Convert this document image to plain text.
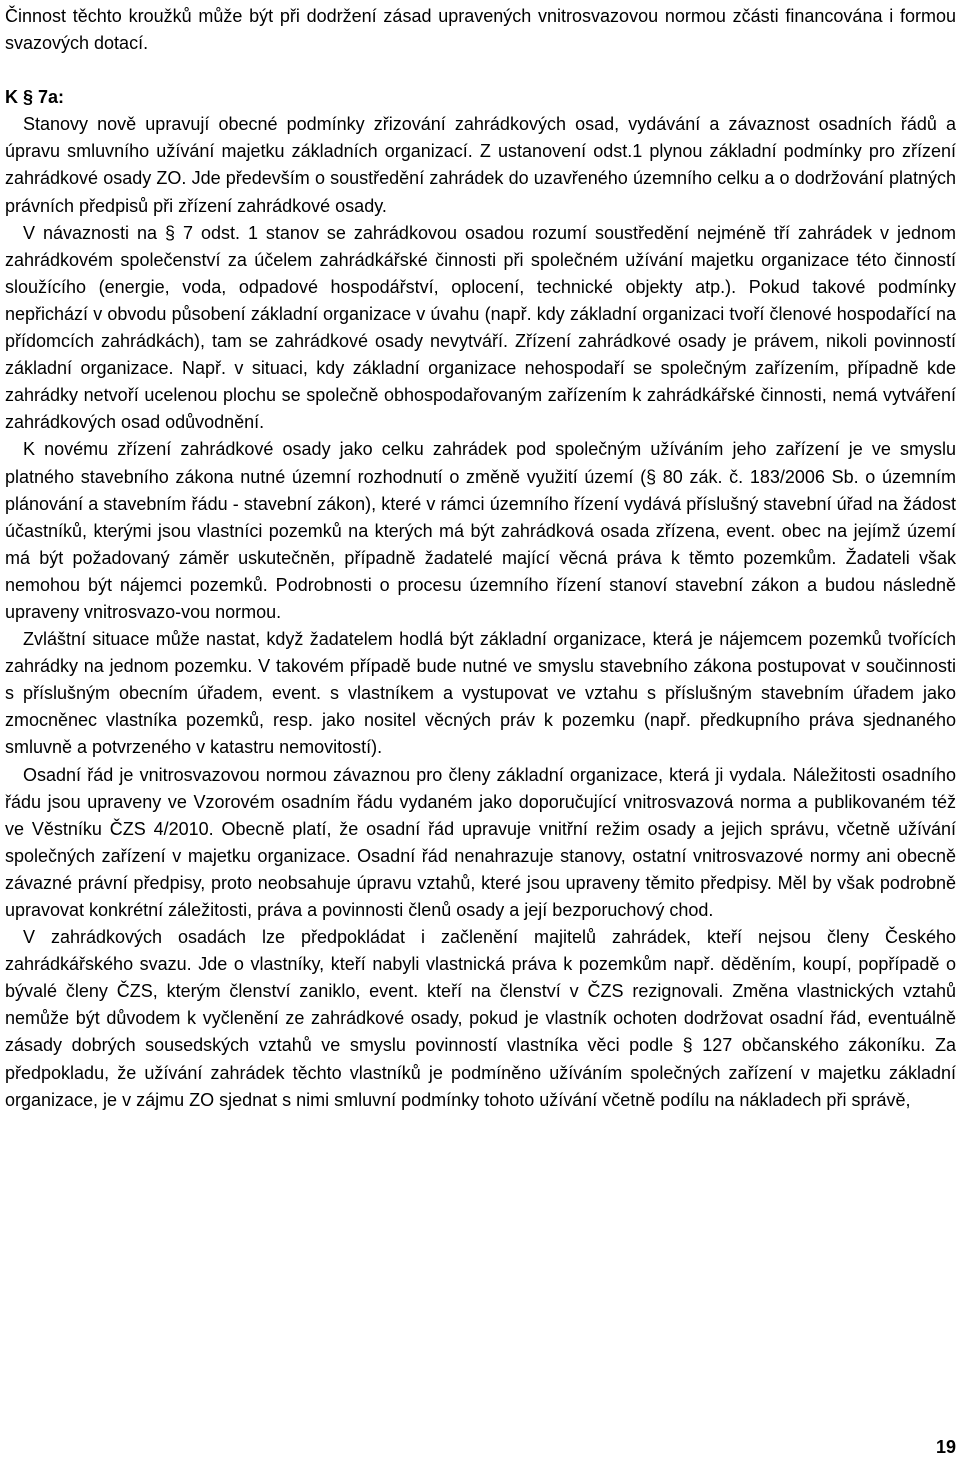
Činnost těchto kroužků může být při dodržení zásad upravených vnitrosvazovou normou zčásti financována i formou svazových dotací.

K § 7a:

Stanovy nově upravují obecné podmínky zřizování zahrádkových osad, vydávání a závaznost osadních řádů a úpravu smluvního užívání majetku základních organizací. Z ustanovení odst.1 plynou základní podmínky pro zřízení zahrádkové osady ZO. Jde především o soustředění zahrádek do uzavřeného územního celku a o dodržování platných právních předpisů při zřízení zahrádkové osady.

V návaznosti na § 7 odst. 1 stanov se zahrádkovou osadou rozumí soustředění nejméně tří zahrádek v jednom zahrádkovém společenství za účelem zahrádkářské činnosti při společném užívání majetku organizace této činností sloužícího (energie, voda, odpadové hospodářství, oplocení, technické objekty atp.). Pokud takové podmínky nepřichází v obvodu působení základní organizace v úvahu (např. kdy základní organizaci tvoří členové hospodařící na přídomcích zahrádkách), tam se zahrádkové osady nevytváří. Zřízení zahrádkové osady je právem, nikoli povinností základní organizace. Např. v situaci, kdy základní organizace nehospodaří se společným zařízením, případně kde zahrádky netvoří ucelenou plochu se společně obhospodařovaným zařízením k zahrádkářské činnosti, nemá vytváření zahrádkových osad odůvodnění.

K novému zřízení zahrádkové osady jako celku zahrádek pod společným užíváním jeho zařízení je ve smyslu platného stavebního zákona nutné územní rozhodnutí o změně využití území (§ 80 zák. č. 183/2006 Sb. o územním plánování a stavebním řádu - stavební zákon), které v rámci územního řízení vydává příslušný stavební úřad na žádost účastníků, kterými jsou vlastníci pozemků na kterých má být zahrádková osada zřízena, event. obec na jejímž území má být požadovaný záměr uskutečněn, případně žadatelé mající věcná práva k těmto pozemkům. Žadateli však nemohou být nájemci pozemků. Podrobnosti o procesu územního řízení stanoví stavební zákon a budou následně upraveny vnitrosvazo-vou normou.

Zvláštní situace může nastat, když žadatelem hodlá být základní organizace, která je nájemcem pozemků tvořících zahrádky na jednom pozemku. V takovém případě bude nutné ve smyslu stavebního zákona postupovat v součinnosti s příslušným obecním úřadem, event. s vlastníkem a vystupovat ve vztahu s příslušným stavebním úřadem jako zmocněnec vlastníka pozemků, resp. jako nositel věcných práv k pozemku (např. předkupního práva sjednaného smluvně a potvrzeného v katastru nemovitostí).

Osadní řád je vnitrosvazovou normou závaznou pro členy základní organizace, která ji vydala. Náležitosti osadního řádu jsou upraveny ve Vzorovém osadním řádu vydaném jako doporučující vnitrosvazová norma a publikovaném též ve Věstníku ČZS 4/2010. Obecně platí, že osadní řád upravuje vnitřní režim osady a jejich správu, včetně užívání společných zařízení v majetku organizace. Osadní řád nenahrazuje stanovy, ostatní vnitrosvazové normy ani obecně závazné právní předpisy, proto neobsahuje úpravu vztahů, které jsou upraveny těmito předpisy. Měl by však podrobně upravovat konkrétní záležitosti, práva a povinnosti členů osady a její bezporuchový chod.

V zahrádkových osadách lze předpokládat i začlenění majitelů zahrádek, kteří nejsou členy Českého zahrádkářského svazu. Jde o vlastníky, kteří nabyli vlastnická práva k pozemkům např. děděním, koupí, popřípadě o bývalé členy ČZS, kterým členství zaniklo, event. kteří na členství v ČZS rezignovali. Změna vlastnických vztahů nemůže být důvodem k vyčlenění ze zahrádkové osady, pokud je vlastník ochoten dodržovat osadní řád, eventuálně zásady dobrých sousedských vztahů ve smyslu povinností vlastníka věci podle § 127 občanského zákoníku. Za předpokladu, že užívání zahrádek těchto vlastníků je podmíněno užíváním společných zařízení v majetku základní organizace, je v zájmu ZO sjednat s nimi smluvní podmínky tohoto užívání včetně podílu na nákladech při správě,

19
